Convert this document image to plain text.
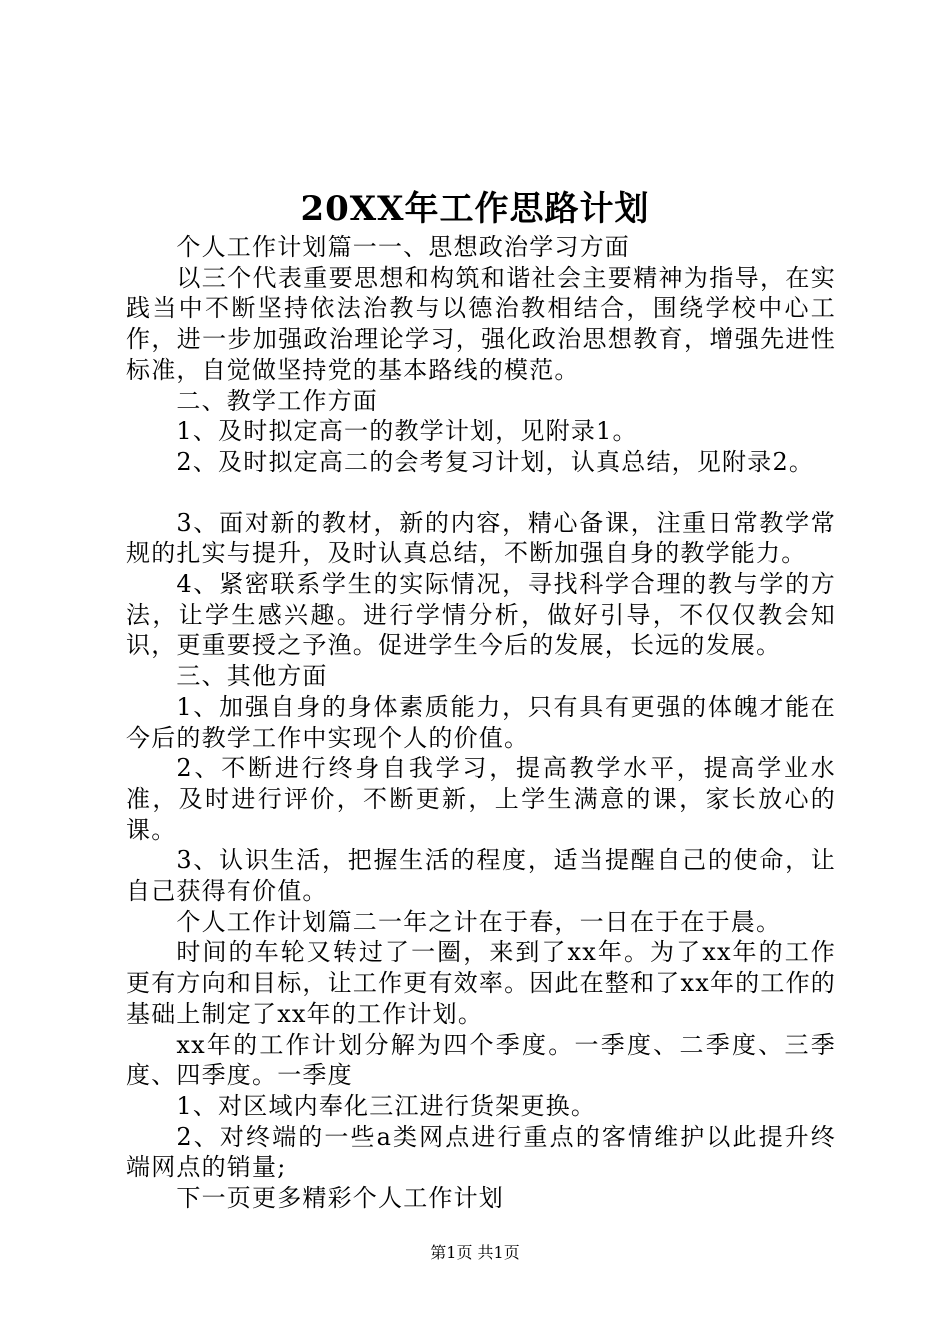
20XX年工作思路计划

个人工作计划篇一一、思想政治学习方面

以三个代表重要思想和构筑和谐社会主要精神为指导，在实践当中不断坚持依法治教与以德治教相结合，围绕学校中心工作，进一步加强政治理论学习，强化政治思想教育，增强先进性标准，自觉做坚持党的基本路线的模范。

二、教学工作方面

1、及时拟定高一的教学计划，见附录1。

2、及时拟定高二的会考复习计划，认真总结，见附录2。

3、面对新的教材，新的内容，精心备课，注重日常教学常规的扎实与提升，及时认真总结，不断加强自身的教学能力。

4、紧密联系学生的实际情况，寻找科学合理的教与学的方法，让学生感兴趣。进行学情分析，做好引导，不仅仅教会知识，更重要授之予渔。促进学生今后的发展，长远的发展。

三、其他方面

1、加强自身的身体素质能力，只有具有更强的体魄才能在今后的教学工作中实现个人的价值。

2、不断进行终身自我学习，提高教学水平，提高学业水准，及时进行评价，不断更新，上学生满意的课，家长放心的课。

3、认识生活，把握生活的程度，适当提醒自己的使命，让自己获得有价值。

个人工作计划篇二一年之计在于春，一日在于在于晨。

时间的车轮又转过了一圈，来到了xx年。为了xx年的工作更有方向和目标，让工作更有效率。因此在整和了xx年的工作的基础上制定了xx年的工作计划。

xx年的工作计划分解为四个季度。一季度、二季度、三季度、四季度。一季度

1、对区域内奉化三江进行货架更换。

2、对终端的一些a类网点进行重点的客情维护以此提升终端网点的销量;

下一页更多精彩个人工作计划

第1页 共1页
